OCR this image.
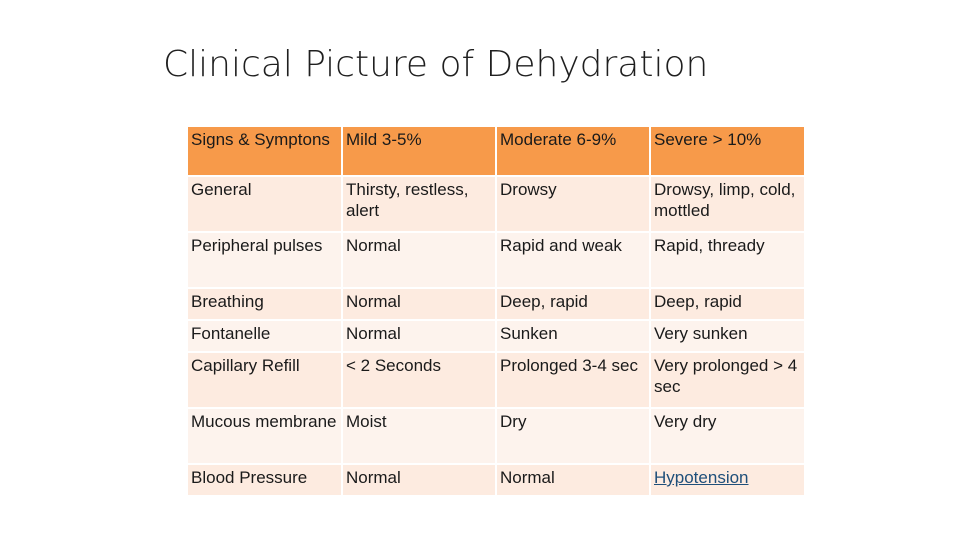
Clinical Picture of Dehydration
Signs & Symptons	Mild 3-5%	Moderate 6-9%	Severe > 10%
General	Thirsty, restless, alert	Drowsy	Drowsy, limp, cold, mottled
Peripheral pulses	Normal	Rapid and weak	Rapid, thready
Breathing	Normal	Deep, rapid	Deep, rapid
Fontanelle	Normal	Sunken	Very sunken
Capillary Refill	< 2 Seconds	Prolonged 3-4 sec	Very prolonged > 4 sec
Mucous membrane	Moist	Dry	Very dry
Blood Pressure	Normal	Normal	Hypotension
